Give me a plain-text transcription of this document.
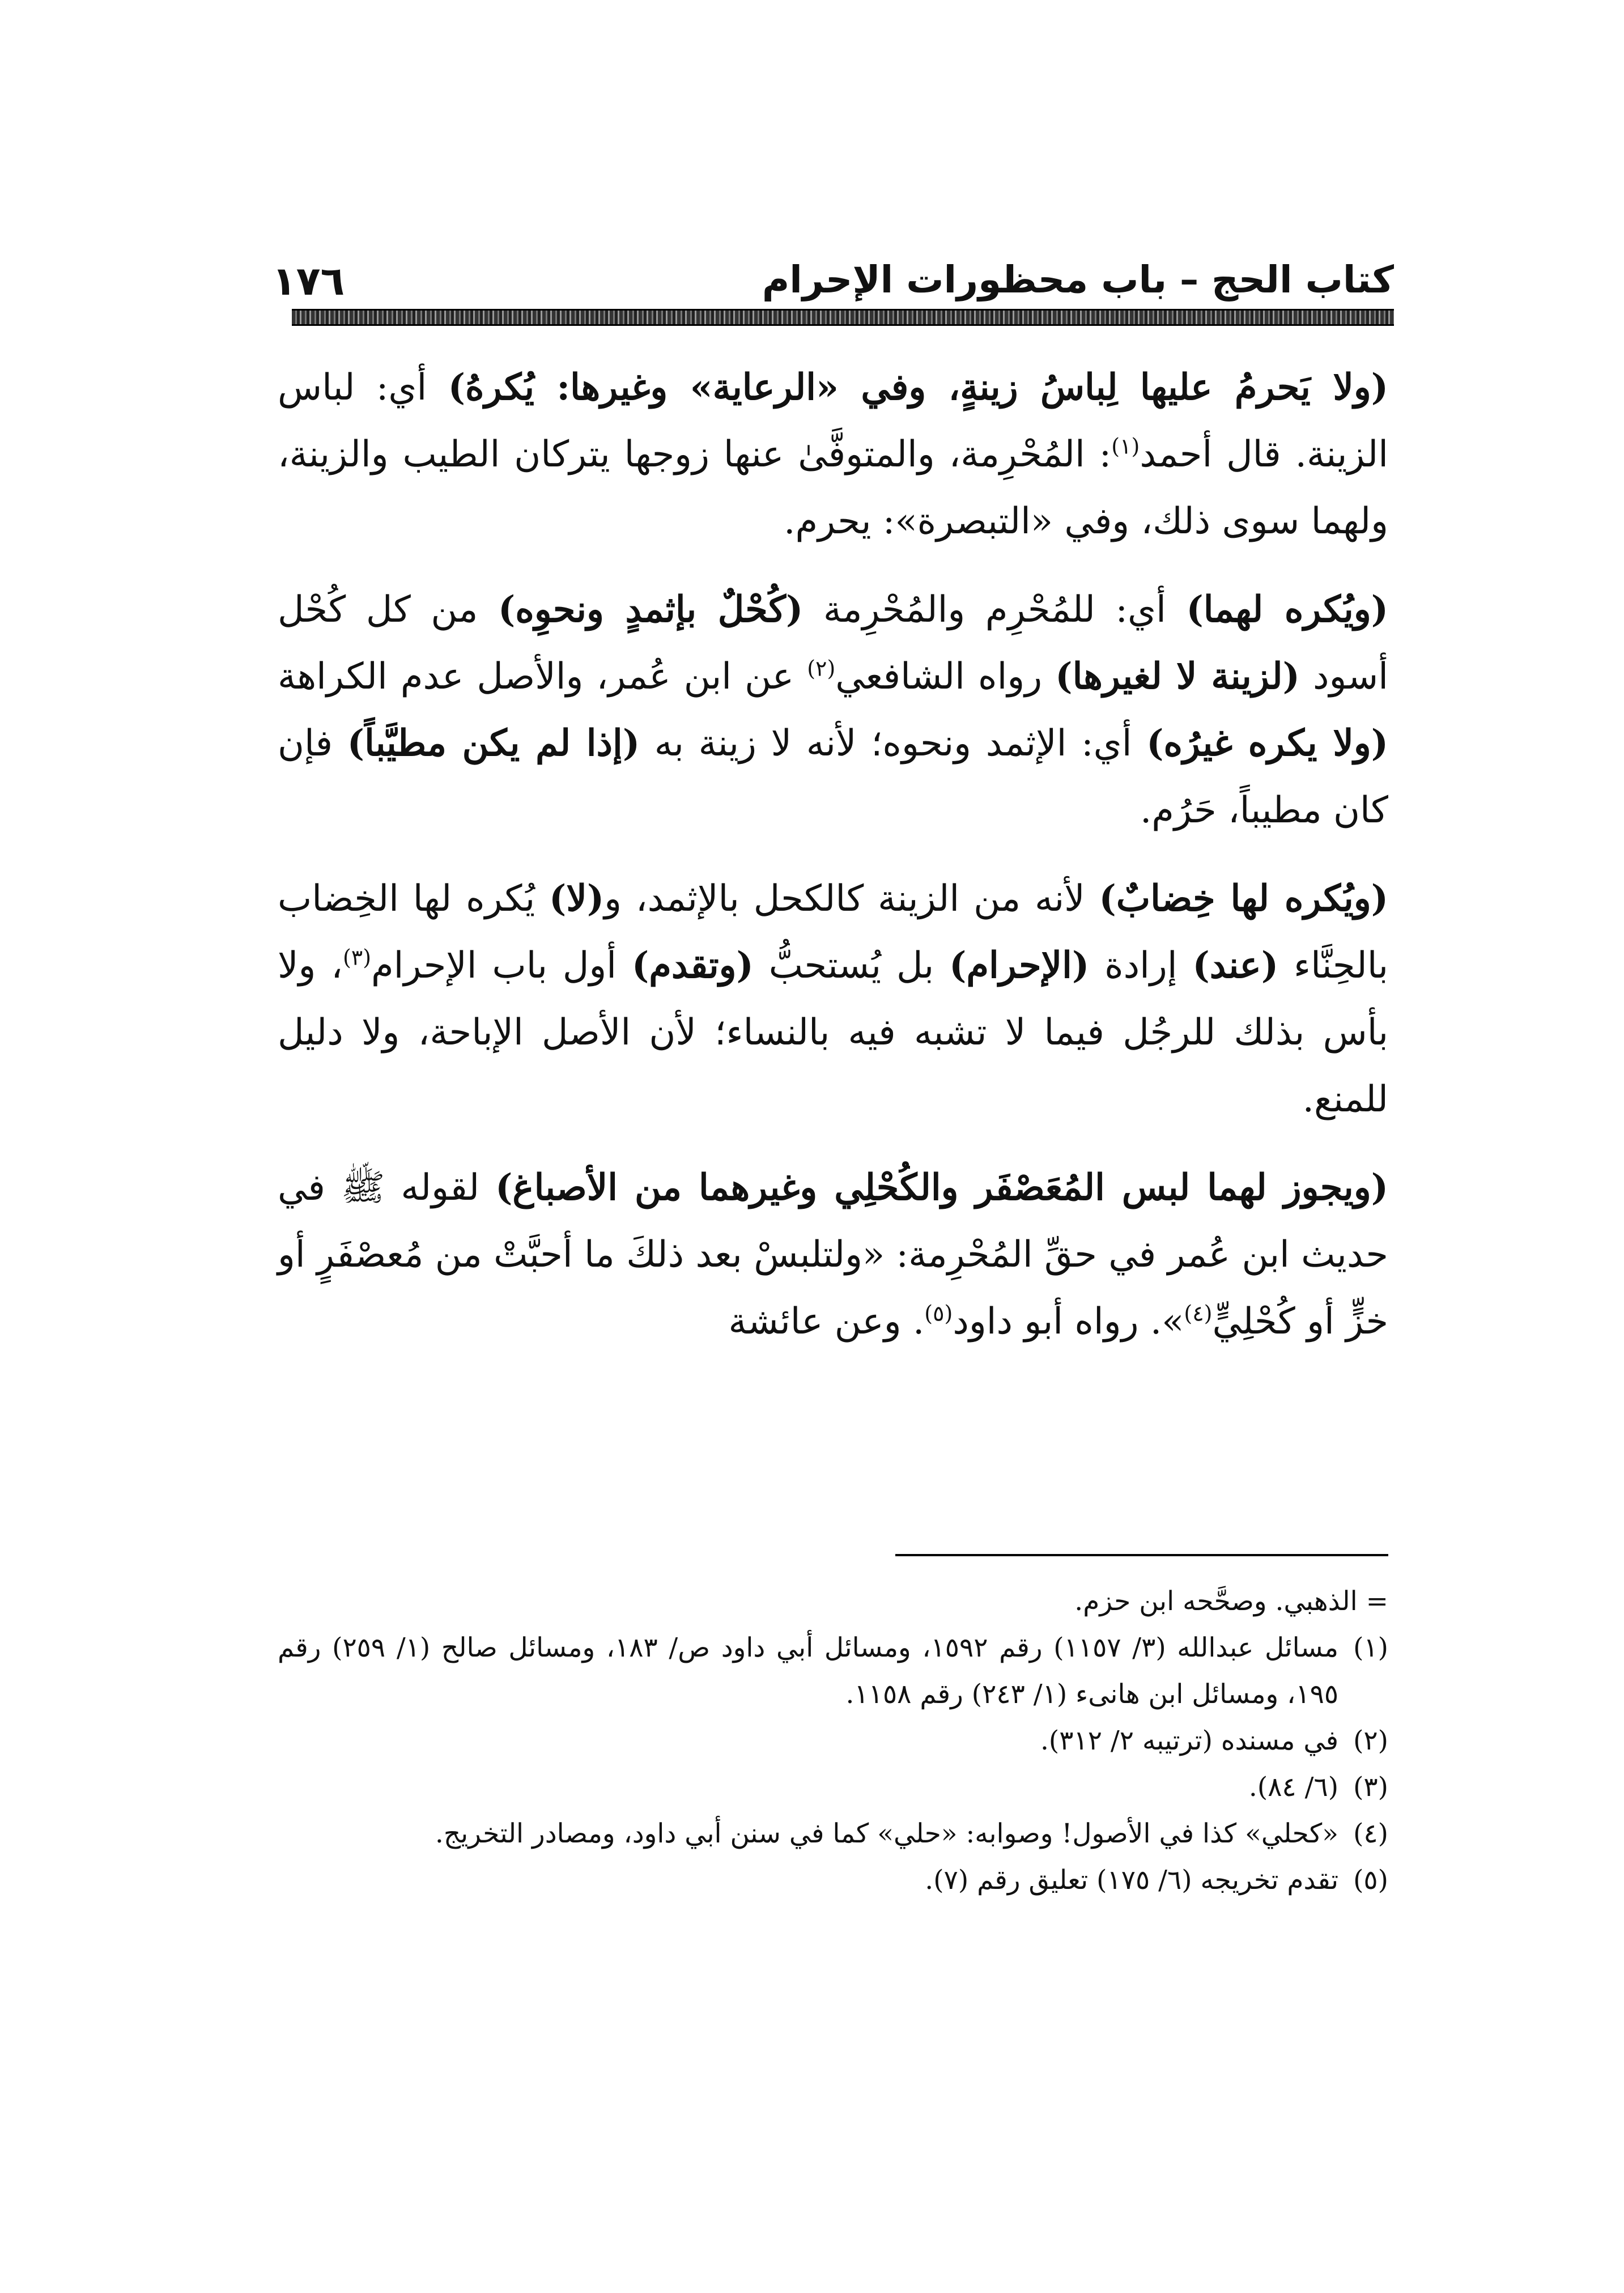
١٧٦	كتاب الحج – باب محظورات الإحرام

(ولا يَحرمُ عليها لِباسُ زينةٍ، وفي «الرعاية» وغيرها: يُكرهُ) أي: لباس الزينة. قال أحمد$^{(١)}$: المُحْرِمة، والمتوفَّىٰ عنها زوجها يتركان الطيب والزينة، ولهما سوى ذلك، وفي «التبصرة»: يحرم.

(ويُكره لهما) أي: للمُحْرِم والمُحْرِمة (كُحْلٌ بإثمدٍ ونحوِه) من كل كُحْل أسود (لزينة لا لغيرها) رواه الشافعي$^{(٢)}$ عن ابن عُمر، والأصل عدم الكراهة (ولا يكره غيرُه) أي: الإثمد ونحوه؛ لأنه لا زينة به (إذا لم يكن مطيَّباً) فإن كان مطيباً، حَرُم.

(ويُكره لها خِضابٌ) لأنه من الزينة كالكحل بالإثمد، و(لا) يُكره لها الخِضاب بالحِنَّاء (عند) إرادة (الإحرام) بل يُستحبُّ (وتقدم) أول باب الإحرام$^{(٣)}$، ولا بأس بذلك للرجُل فيما لا تشبه فيه بالنساء؛ لأن الأصل الإباحة، ولا دليل للمنع.

(ويجوز لهما لبس المُعَصْفَر والكُحْلِي وغيرهما من الأصباغ) لقوله ﷺ في حديث ابن عُمر في حقِّ المُحْرِمة: «ولتلبسْ بعد ذلكَ ما أحبَّتْ من مُعصْفَرٍ أو خزٍّ أو كُحْلِيٍّ$^{(٤)}$». رواه أبو داود$^{(٥)}$. وعن عائشة

= الذهبي. وصحَّحه ابن حزم.
(١)
مسائل عبدالله (٣/ ١١٥٧) رقم ١٥٩٢، ومسائل أبي داود ص/ ١٨٣، ومسائل صالح (١/ ٢٥٩) رقم ١٩٥، ومسائل ابن هانىء (١/ ٢٤٣) رقم ١١٥٨.
(٢)
في مسنده (ترتيبه ٢/ ٣١٢).
(٣)
(٦/ ٨٤).
(٤)
«كحلي» كذا في الأصول! وصوابه: «حلي» كما في سنن أبي داود، ومصادر التخريج.
(٥)
تقدم تخريجه (٦/ ١٧٥) تعليق رقم (٧).
